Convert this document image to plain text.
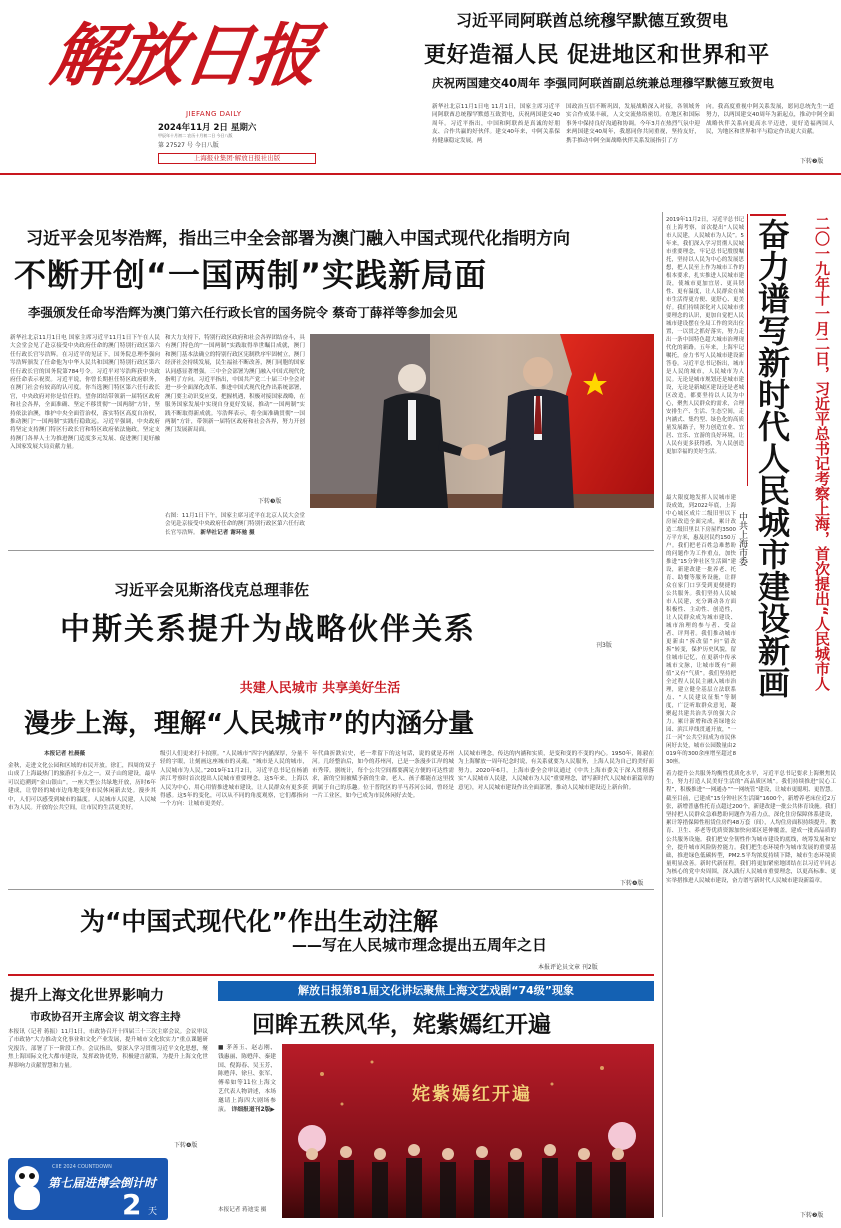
解放日报
JIEFANG DAILY
2024年11月 2日 星期六
甲辰年十月初二 农历十月初二日 今日八版
第 27527 号 今日八版
上海报业集团·解放日报社出版
习近平同阿联酋总统穆罕默德互致贺电
更好造福人民 促进地区和世界和平
庆祝两国建交40周年 李强同阿联酋副总统兼总理穆罕默德互致贺电
新华社北京11月1日电 11月1日，国家主席习近平同阿联酋总统穆罕默德互致贺电，庆祝两国建交40周年。习近平指出，中国和阿联酋是真诚的好朋友、合作共赢的好伙伴。建交40年来，中阿关系保持健康稳定发展，两
国政治互信不断巩固，发展战略深入对接，各领域务实合作成果丰硕，人文交流热络密切。在地区和国际事务中保持良好沟通和协调。今年3月在热烈气氛中迎来两国建交40周年，我愿同你共同重视，坚持友好，携手推动中阿全面战略伙伴关系发展指引了方
向。我高度重视中阿关系发展，愿同总统先生一道努力，以两国建交40周年为新起点，推动中阿全面战略伙伴关系向更高水平迈进，更好造福两国人民，为地区和世界和平与稳定作出更大贡献。
下转❷版
习近平会见岑浩辉，指出三中全会部署为澳门融入中国式现代化指明方向
不断开创“一国两制”实践新局面
李强颁发任命岑浩辉为澳门第六任行政长官的国务院令 蔡奇丁薛祥等参加会见
新华社北京11月1日电 国家主席习近平11月1日下午在人民大会堂会见了赴京接受中央政府任命的澳门特别行政区第六任行政长官岑浩辉。在习近平的见证下，国务院总理李强向岑浩辉颁发了任命他为中华人民共和国澳门特别行政区第六任行政长官的国务院第784号令。习近平对岑浩辉获中央政府任命表示祝贺。习近平说，你曾长期担任特区政府职务，在澳门社会有较高的认可度。你当选澳门特区第六任行政长官，中央政府对你是信任的。望你团结带领新一届特区政府和社会各界，全面准确、坚定不移贯彻“一国两制”方针，坚持依法治澳，维护中央全面管治权，落实特区高度自治权，推动澳门“一国两制”实践行稳致远。习近平强调，中央政府将坚定支持澳门特区行政长官和特区政府依法施政，坚定支持澳门各界人士为推进澳门适度多元发展、促进澳门更好融入国家发展大局贡献力量。
和大力支持下，特别行政区政府和社会各界团结奋斗，具有澳门特色的“一国两制”实践取得举世瞩目成就，澳门和澳门基本法确立的特别行政区宪制秩序牢固树立，澳门经济社会持续发展，民生福祉不断改善，澳门同胞的国家认同感显著增强。三中全会部署为澳门融入中国式现代化指明了方向。习近平指出，中国共产党二十届三中全会对进一步全面深化改革、推进中国式现代化作出系统部署，澳门要主动识变应变，把握机遇，积极对接国家战略，在服务国家发展中实现自身更好发展，推动“一国两制”实践不断取得新成就。岑浩辉表示，将全面准确贯彻“一国两制”方针，带领新一届特区政府和社会各界，努力开创澳门发展新局面。
下转❸版
右图：11月1日下午，国家主席习近平在北京人民大会堂会见赴京接受中央政府任命的澳门特别行政区第六任行政长官岑浩辉。 新华社记者 谢环驰 摄
2019年11月2日，习近平总书记在上海考察，首次提出“人民城市人民建，人民城市为人民”。5年来，我们深入学习贯彻人民城市重要理念，牢记总书记殷殷嘱托，坚持以人民为中心的发展思想，把人民至上作为城市工作的根本要求，扎实推进人民城市建设，使城市更加宜居、更具韧性、更有温度，让人民群众在城市生活得更方便、更舒心、更美好。我们持续深化对人民城市重要理念的认识，更加自觉把人民城市建设摆在全局工作的突出位置，一以贯之抓好落实，努力走出一条中国特色超大城市治理现代化的新路。五年来，上海牢记嘱托，奋力书写人民城市建设新答卷。习近平总书记指出，城市是人民的城市，人民城市为人民。无论是城市规划还是城市建设，无论是新城区建设还是老城区改造，都要坚持以人民为中心，聚焦人民群众的需求，合理安排生产、生活、生态空间，走内涵式、集约型、绿色化的高质量发展路子，努力创造宜业、宜居、宜乐、宜游的良好环境，让人民有更多获得感，为人民创造更加幸福的美好生活。
二〇一九年十一月二日，习近平总书记考察上海，首次提出“人民城市人
奋力谱写新时代人民城市建设新画
中共上海市委
最大限度地发挥人民城市建设成效，到2022年底，上海中心城区成片二级旧里以下房屋改造全面完成，累计改造二级旧里以下房屋约3500万平方米，惠及居民约150万户。我们把老百姓急难愁盼的问题作为工作重点，加快推进“15分钟社区生活圈”建设，新建改建一批养老、托育、助餐等服务设施，让群众在家门口享受到更便捷的公共服务。我们坚持人民城市人民建，充分调动各方面积极性、主动性、创造性，让人民群众成为城市建设、城市治理的参与者、受益者、评判者。我们推动城市更新由“拆改留”向“留改拆”转变，保护历史风貌，留住城市记忆，在更新中传承城市文脉，让城市既有“颜值”又有“气质”。我们坚持把全过程人民民主融入城市治理，建立健全基层立法联系点、“人民建议征集”等制度，广泛听取群众意见，凝聚起共建共治共享的强大合力。累计新增和改善绿地公园、滨江岸线贯通开放，“一江一河”公共空间成为市民休闲好去处，城市公园数量由2019年的300余座增至超过830座。
着力提升公共服务均衡性优质化水平，习近平总书记要求上海聚焦民生，努力打造人民美好生活的“高品质区域”。我们持续推进“民心工程”，积极推进“一网通办”“一网统管”建设，让城市更聪明、更智慧。截至目前，已建成“15分钟社区生活圈”1600个，新增养老床位近2万张，新增普惠性托育点超过200个，新建改建一批公共体育设施。我们坚持把人民群众急难愁盼问题作为着力点，深化住房保障体系建设，累计筹措保障性租赁住房约48万套（间），人均住房面积持续提升。教育、卫生、养老等优质资源加快向郊区延伸覆盖，建成一批高品质的公共服务设施。我们把安全韧性作为城市建设的底线，统筹发展和安全，提升城市风险防控能力。我们把生态环境作为城市发展的重要基础，推进绿色低碳转型，PM2.5平均浓度持续下降，城市生态环境质量明显改善。新时代新征程，我们将更加紧密地团结在以习近平同志为核心的党中央周围，深入践行人民城市重要理念，以更高标准、更实举措推进人民城市建设，奋力谱写新时代人民城市建设新篇章。
下转❷版
习近平会见斯洛伐克总理菲佐
中斯关系提升为战略伙伴关系	刊3版
共建人民城市 共享美好生活
漫步上海，理解“人民城市”的内涵分量
本报记者 杜晨薇
金秋，走进文化公园和区域的市民开放。徐汇，四周的双子山成了上海最热门的旅游打卡点之一。双子山的建设，最早可以追溯到“金山银山”。一座大型公共绿地开放，历时6年建成，让曾经的城市边角地变身市民休闲新去处。漫步其中，人们可以感受到城市的温度。人民城市人民建，人民城市为人民。开放的公共空间，让市民的生活更美好。
级引人们更来打卡拍照。“人民城市”四字内涵深厚，分量不轻的字眼，让刻画这座城市的灵魂。“城市是人民的城市，人民城市为人民。”2019年11月2日，习近平总书记在杨浦滨江考察时首次提出人民城市重要理念。这5年来，上海以人民为中心，用心用情推进城市建设，让人民群众有更多获得感。这5年的变化，可以从不同的角度观察，它们都指向一个方向：让城市更美好。
年代曲折跌宕史，老一辈留下的这句话，说的就是苏州河。几经整治后，如今的苏州河，已是一条漫步江岸的城市秀带。据统计，每个公共空间都要满足方便的可达性需求，新的空间被赋予新的生命。老人、孩子都能在这里找到属于自己的乐趣。位于普陀区的半马苏河公园，曾经是一片工业区，如今已成为市民休闲好去处。
人民城市理念，传达的内涵和实质，是变和变的不变的内心。1950年，陈毅在为上海解放一周年纪念时说，有关系就要为人民服务，上海人民为自己的美好而努力。2020年6月，上海市委全会审议通过《中共上海市委关于深入贯彻落实“人民城市人民建，人民城市为人民”重要理念，谱写新时代人民城市新篇章的意见》，对人民城市建设作出全面部署，推动人民城市建设迈上新台阶。
下转❹版
为“中国式现代化”作出生动注解
——写在人民城市理念提出五周年之日
本报评论员文章 刊2版
提升上海文化世界影响力
市政协召开主席会议 胡文容主持
本报讯（记者 蒋振）11月1日，市政协召开十四届三十三次主席会议。会议审议了市政协“大力推动文化事业和文化产业发展，提升城市文化软实力”重点课题研究报告，部署了下一阶段工作。会议指出，要深入学习贯彻习近平文化思想，聚焦上海国际文化大都市建设，发挥政协优势，积极建言献策，为提升上海文化世界影响力贡献智慧和力量。
下转❹版
CIIE 2024 COUNTDOWN
第七届进博会倒计时
2 天
解放日报第81届文化讲坛聚焦上海文艺戏剧“74级”现象
回眸五秩风华，姹紫嫣红开遍
■ 茅善玉、赵志刚、钱惠丽、陈甦萍、秦建国、倪海春、吴玉芳、陈甦萍、徐旦、张军、傅希如等11位上海文艺代表人物讲述，本场邀请上海四大剧场参演。 详细报道刊2版▶
本报记者 蒋迪雯 摄
姹紫嫣红开遍
